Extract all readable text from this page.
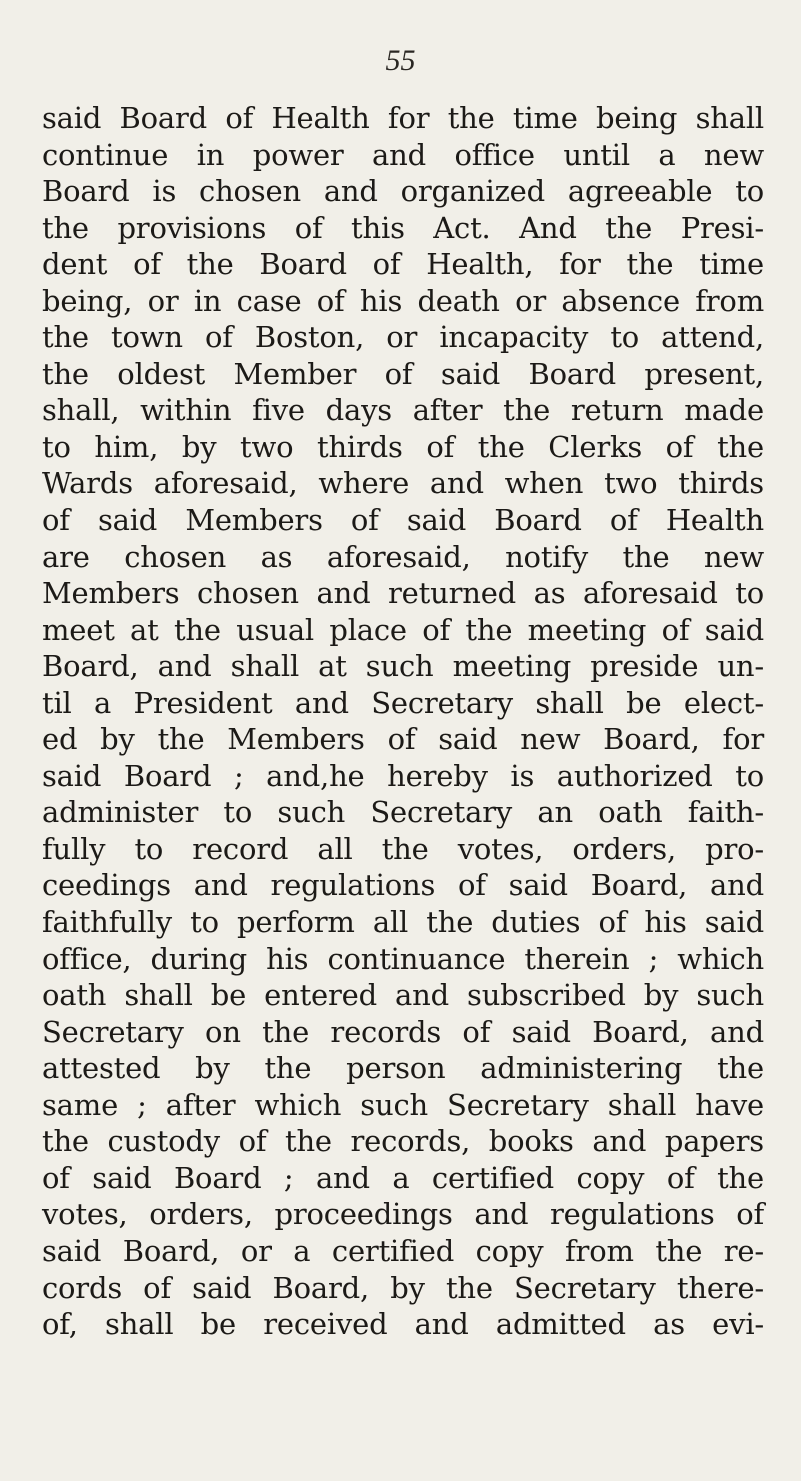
55
said Board of Health for the time being shall
continue in power and office until a new
Board is chosen and organized agreeable to
the provisions of this Act. And the Presi-
dent of the Board of Health, for the time
being, or in case of his death or absence from
the town of Boston, or incapacity to attend,
the oldest Member of said Board present,
shall, within five days after the return made
to him, by two thirds of the Clerks of the
Wards aforesaid, where and when two thirds
of said Members of said Board of Health
are chosen as aforesaid, notify the new
Members chosen and returned as aforesaid to
meet at the usual place of the meeting of said
Board, and shall at such meeting preside un-
til a President and Secretary shall be elect-
ed by the Members of said new Board, for
said Board ; and,he hereby is authorized to
administer to such Secretary an oath faith-
fully to record all the votes, orders, pro-
ceedings and regulations of said Board, and
faithfully to perform all the duties of his said
office, during his continuance therein ; which
oath shall be entered and subscribed by such
Secretary on the records of said Board, and
attested by the person administering the
same ; after which such Secretary shall have
the custody of the records, books and papers
of said Board ; and a certified copy of the
votes, orders, proceedings and regulations of
said Board, or a certified copy from the re-
cords of said Board, by the Secretary there-
of, shall be received and admitted as evi-
